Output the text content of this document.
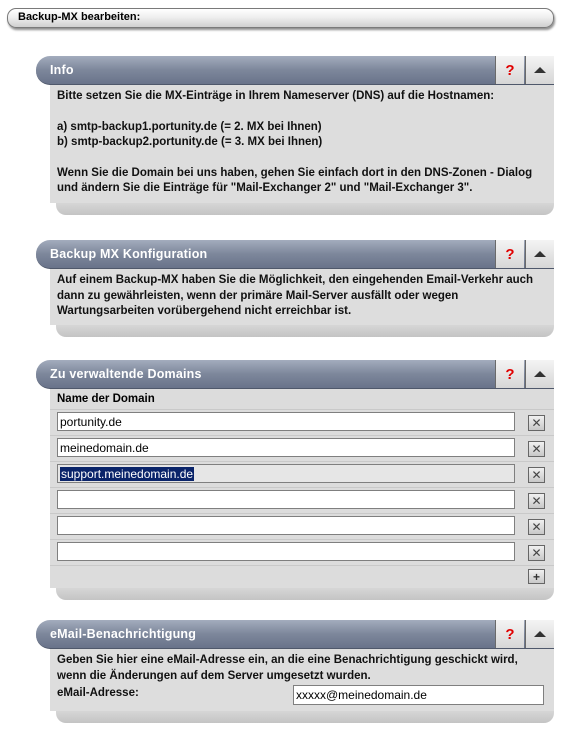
Backup-MX bearbeiten:
Info	?

Bitte setzen Sie die MX-Einträge in Ihrem Nameserver (DNS) auf die Hostnamen:

a) smtp-backup1.portunity.de (= 2. MX bei Ihnen)

b) smtp-backup2.portunity.de (= 3. MX bei Ihnen)

Wenn Sie die Domain bei uns haben, gehen Sie einfach dort in den DNS-Zonen - Dialog

und ändern Sie die Einträge für "Mail-Exchanger 2" und "Mail-Exchanger 3".

Backup MX Konfiguration	?

Auf einem Backup-MX haben Sie die Möglichkeit, den eingehenden Email-Verkehr auch

dann zu gewährleisten, wenn der primäre Mail-Server ausfällt oder wegen

Wartungsarbeiten vorübergehend nicht erreichbar ist.

Zu verwaltende Domains	?
Name der Domain
portunity.de
✕
meinedomain.de
✕
support.meinedomain.de	✕
✕
✕
✕
+
eMail-Benachrichtigung	?

Geben Sie hier eine eMail-Adresse ein, an die eine Benachrichtigung geschickt wird,

wenn die Änderungen auf dem Server umgesetzt wurden.

eMail-Adresse:
xxxxx@meinedomain.de
